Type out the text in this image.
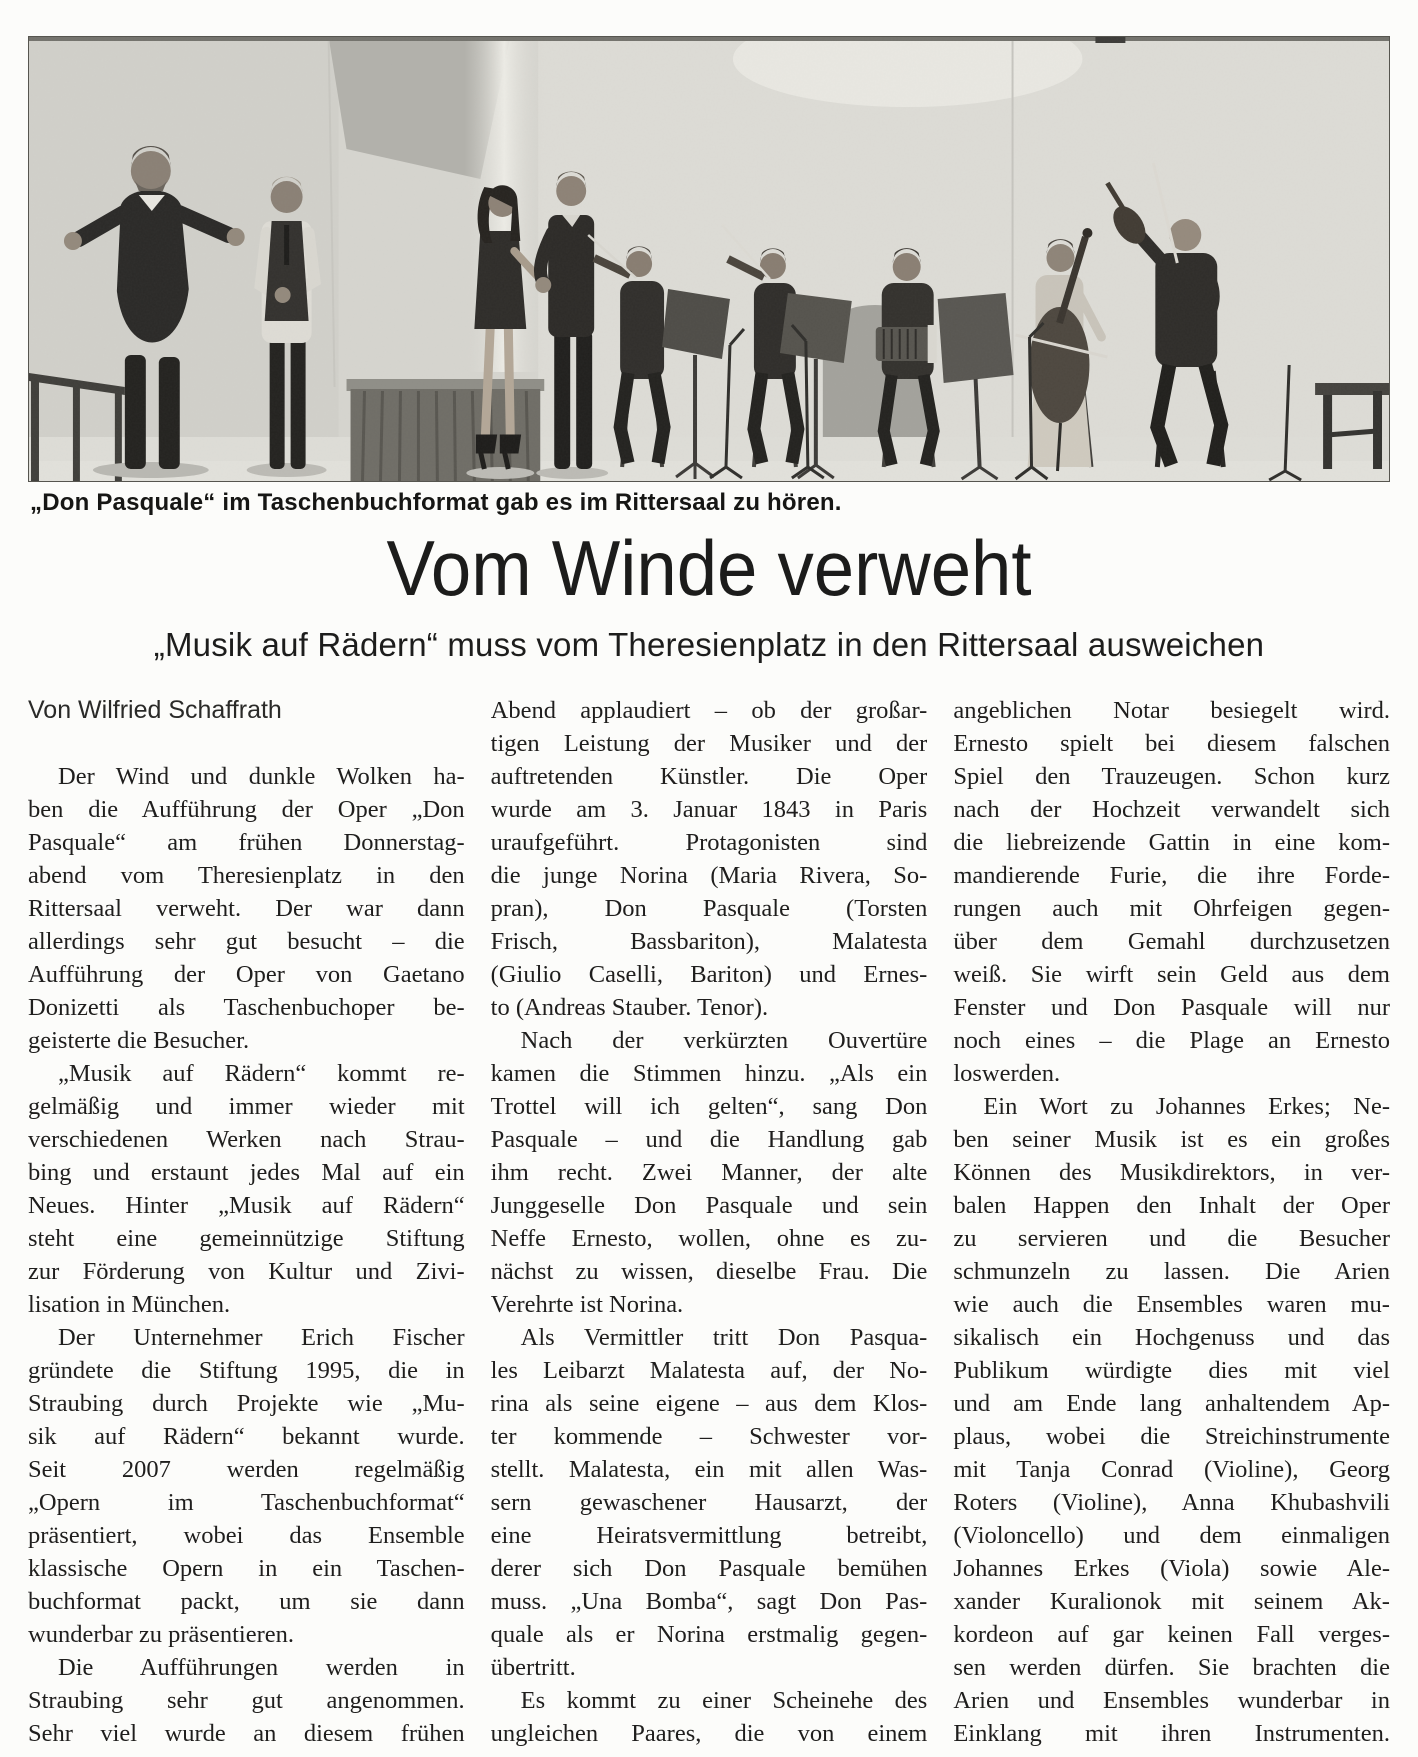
„Don Pasquale“ im Taschenbuchformat gab es im Rittersaal zu hören.
Vom Winde verweht
„Musik auf Rädern“ muss vom Theresienplatz in den Rittersaal ausweichen
Von Wilfried Schaffrath
Der Wind und dunkle Wolken ha-
ben die Aufführung der Oper „Don
Pasquale“ am frühen Donnerstag-
abend vom Theresienplatz in den
Rittersaal verweht. Der war dann
allerdings sehr gut besucht – die
Aufführung der Oper von Gaetano
Donizetti als Taschenbuchoper be-
geisterte die Besucher.
„Musik auf Rädern“ kommt re-
gelmäßig und immer wieder mit
verschiedenen Werken nach Strau-
bing und erstaunt jedes Mal auf ein
Neues. Hinter „Musik auf Rädern“
steht eine gemeinnützige Stiftung
zur Förderung von Kultur und Zivi-
lisation in München.
Der Unternehmer Erich Fischer
gründete die Stiftung 1995, die in
Straubing durch Projekte wie „Mu-
sik auf Rädern“ bekannt wurde.
Seit 2007 werden regelmäßig
„Opern im Taschenbuchformat“
präsentiert, wobei das Ensemble
klassische Opern in ein Taschen-
buchformat packt, um sie dann
wunderbar zu präsentieren.
Die Aufführungen werden in
Straubing sehr gut angenommen.
Sehr viel wurde an diesem frühen
Abend applaudiert – ob der großar-
tigen Leistung der Musiker und der
auftretenden Künstler. Die Oper
wurde am 3. Januar 1843 in Paris
uraufgeführt. Protagonisten sind
die junge Norina (Maria Rivera, So-
pran), Don Pasquale (Torsten
Frisch, Bassbariton), Malatesta
(Giulio Caselli, Bariton) und Ernes-
to (Andreas Stauber. Tenor).
Nach der verkürzten Ouvertüre
kamen die Stimmen hinzu. „Als ein
Trottel will ich gelten“, sang Don
Pasquale – und die Handlung gab
ihm recht. Zwei Manner, der alte
Junggeselle Don Pasquale und sein
Neffe Ernesto, wollen, ohne es zu-
nächst zu wissen, dieselbe Frau. Die
Verehrte ist Norina.
Als Vermittler tritt Don Pasqua-
les Leibarzt Malatesta auf, der No-
rina als seine eigene – aus dem Klos-
ter kommende – Schwester vor-
stellt. Malatesta, ein mit allen Was-
sern gewaschener Hausarzt, der
eine Heiratsvermittlung betreibt,
derer sich Don Pasquale bemühen
muss. „Una Bomba“, sagt Don Pas-
quale als er Norina erstmalig gegen-
übertritt.
Es kommt zu einer Scheinehe des
ungleichen Paares, die von einem
angeblichen Notar besiegelt wird.
Ernesto spielt bei diesem falschen
Spiel den Trauzeugen. Schon kurz
nach der Hochzeit verwandelt sich
die liebreizende Gattin in eine kom-
mandierende Furie, die ihre Forde-
rungen auch mit Ohrfeigen gegen-
über dem Gemahl durchzusetzen
weiß. Sie wirft sein Geld aus dem
Fenster und Don Pasquale will nur
noch eines – die Plage an Ernesto
loswerden.
Ein Wort zu Johannes Erkes; Ne-
ben seiner Musik ist es ein großes
Können des Musikdirektors, in ver-
balen Happen den Inhalt der Oper
zu servieren und die Besucher
schmunzeln zu lassen. Die Arien
wie auch die Ensembles waren mu-
sikalisch ein Hochgenuss und das
Publikum würdigte dies mit viel
und am Ende lang anhaltendem Ap-
plaus, wobei die Streichinstrumente
mit Tanja Conrad (Violine), Georg
Roters (Violine), Anna Khubashvili
(Violoncello) und dem einmaligen
Johannes Erkes (Viola) sowie Ale-
xander Kuralionok mit seinem Ak-
kordeon auf gar keinen Fall verges-
sen werden dürfen. Sie brachten die
Arien und Ensembles wunderbar in
Einklang mit ihren Instrumenten.
